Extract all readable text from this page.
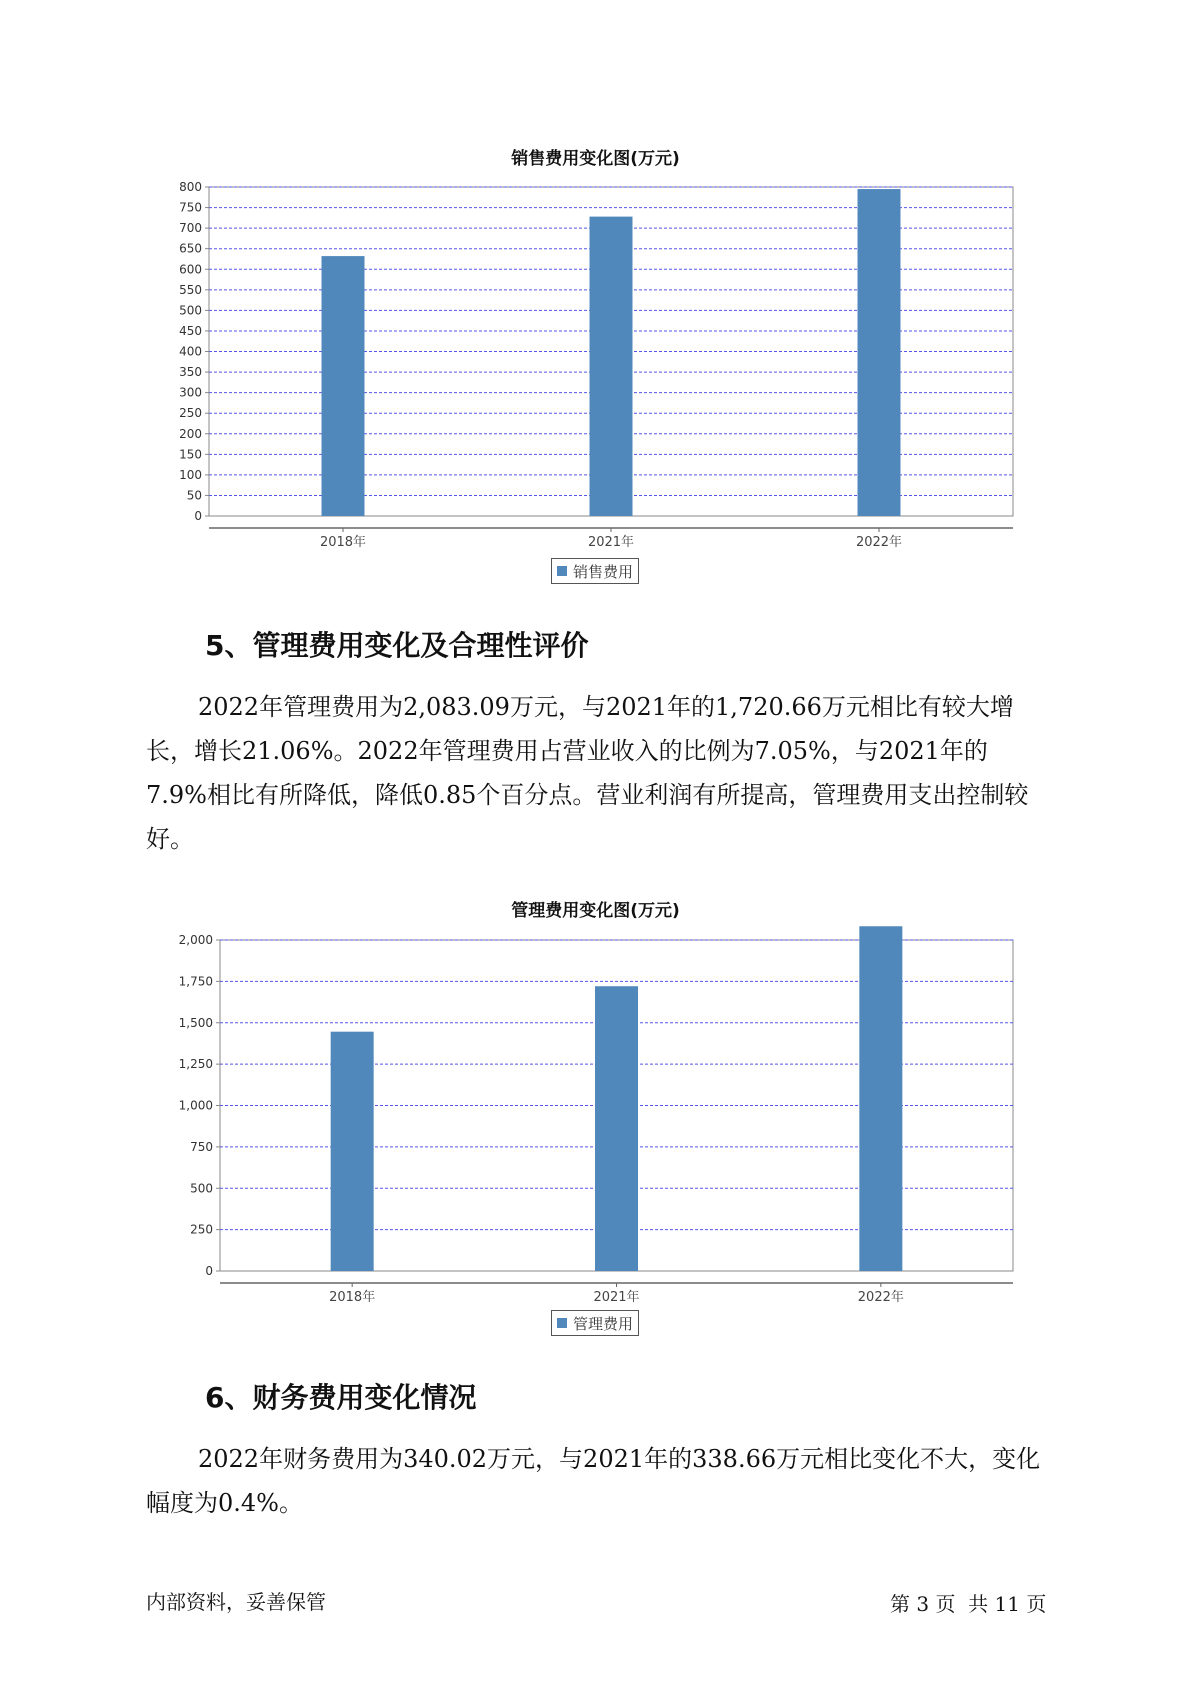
销售费用变化图(万元)
0
50
100
150
200
250
300
350
400
450
500
550
600
650
700
750
800
2018年	2021年	2022年
销售费用
5、管理费用变化及合理性评价

2022年管理费用为2,083.09万元，与2021年的1,720.66万元相比有较大增长，增长21.06%。2022年管理费用占营业收入的比例为7.05%，与2021年的7.9%相比有所降低，降低0.85个百分点。营业利润有所提高，管理费用支出控制较好。

管理费用变化图(万元)
0
250
500
750
1,000
1,250
1,500
1,750
2,000
2018年	2021年	2022年
管理费用
6、财务费用变化情况

2022年财务费用为340.02万元，与2021年的338.66万元相比变化不大，变化幅度为0.4%。

内部资料，妥善保管	第 3 页  共 11 页
